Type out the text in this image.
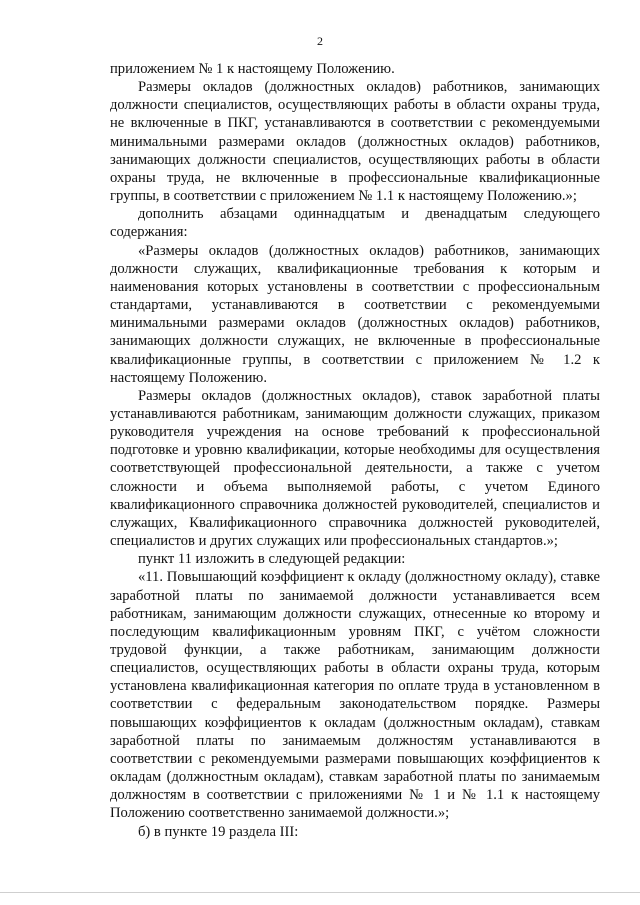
2

приложением № 1 к настоящему Положению.

Размеры окладов (должностных окладов) работников, занимающих должности специалистов, осуществляющих работы в области охраны труда, не включенные в ПКГ, устанавливаются в соответствии с рекомендуемыми минимальными размерами окладов (должностных окладов) работников, занимающих должности специалистов, осуществляющих работы в области охраны труда, не включенные в профессиональные квалификационные группы, в соответствии с приложением № 1.1 к настоящему Положению.»;

дополнить абзацами одиннадцатым и двенадцатым следующего содержания:

«Размеры окладов (должностных окладов) работников, занимающих должности служащих, квалификационные требования к которым и наименования которых установлены в соответствии с профессиональным стандартами, устанавливаются в соответствии с рекомендуемыми минимальными размерами окладов (должностных окладов) работников, занимающих должности служащих, не включенные в профессиональные квалификационные группы, в соответствии с приложением № 1.2 к настоящему Положению.

Размеры окладов (должностных окладов), ставок заработной платы устанавливаются работникам, занимающим должности служащих, приказом руководителя учреждения на основе требований к профессиональной подготовке и уровню квалификации, которые необходимы для осуществления соответствующей профессиональной деятельности, а также с учетом сложности и объема выполняемой работы, с учетом Единого квалификационного справочника должностей руководителей, специалистов и служащих, Квалификационного справочника должностей руководителей, специалистов и других служащих или профессиональных стандартов.»;

пункт 11 изложить в следующей редакции:

«11. Повышающий коэффициент к окладу (должностному окладу), ставке заработной платы по занимаемой должности устанавливается всем работникам, занимающим должности служащих, отнесенные ко второму и последующим квалификационным уровням ПКГ, с учётом сложности трудовой функции, а также работникам, занимающим должности специалистов, осуществляющих работы в области охраны труда, которым установлена квалификационная категория по оплате труда в установленном в соответствии с федеральным законодательством порядке. Размеры повышающих коэффициентов к окладам (должностным окладам), ставкам заработной платы по занимаемым должностям устанавливаются в соответствии с рекомендуемыми размерами повышающих коэффициентов к окладам (должностным окладам), ставкам заработной платы по занимаемым должностям в соответствии с приложениями № 1 и № 1.1 к настоящему Положению соответственно занимаемой должности.»;

б) в пункте 19 раздела III:
